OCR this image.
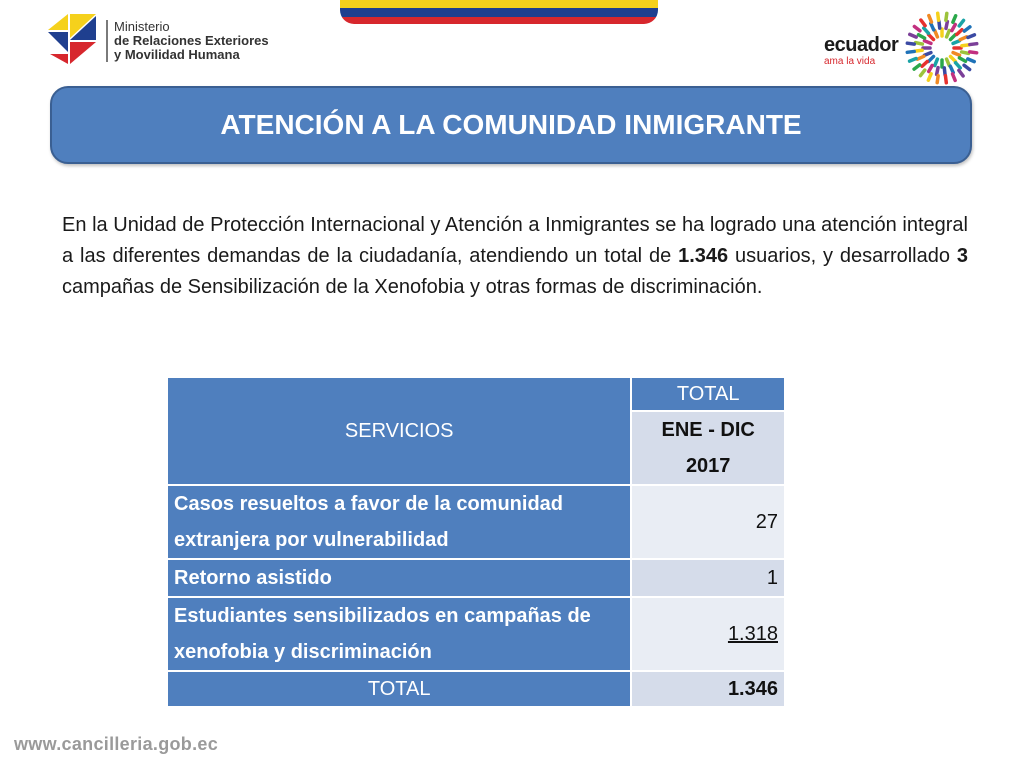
Ministerio
de Relaciones Exteriores
y Movilidad Humana	ecuador
ama la vida
ATENCIÓN A LA COMUNIDAD INMIGRANTE

En la Unidad de Protección Internacional y Atención a Inmigrantes se ha logrado una atención integral a las diferentes demandas de la ciudadanía, atendiendo un total de 1.346 usuarios, y desarrollado 3 campañas de Sensibilización de la Xenofobia y otras formas de discriminación.

SERVICIOS	TOTAL

	ENE - DIC
2017

Casos resueltos a favor de la comunidad extranjera por vulnerabilidad	27
Retorno asistido	1
Estudiantes sensibilizados en campañas de xenofobia y discriminación	1.318
TOTAL	1.346
www.cancilleria.gob.ec
